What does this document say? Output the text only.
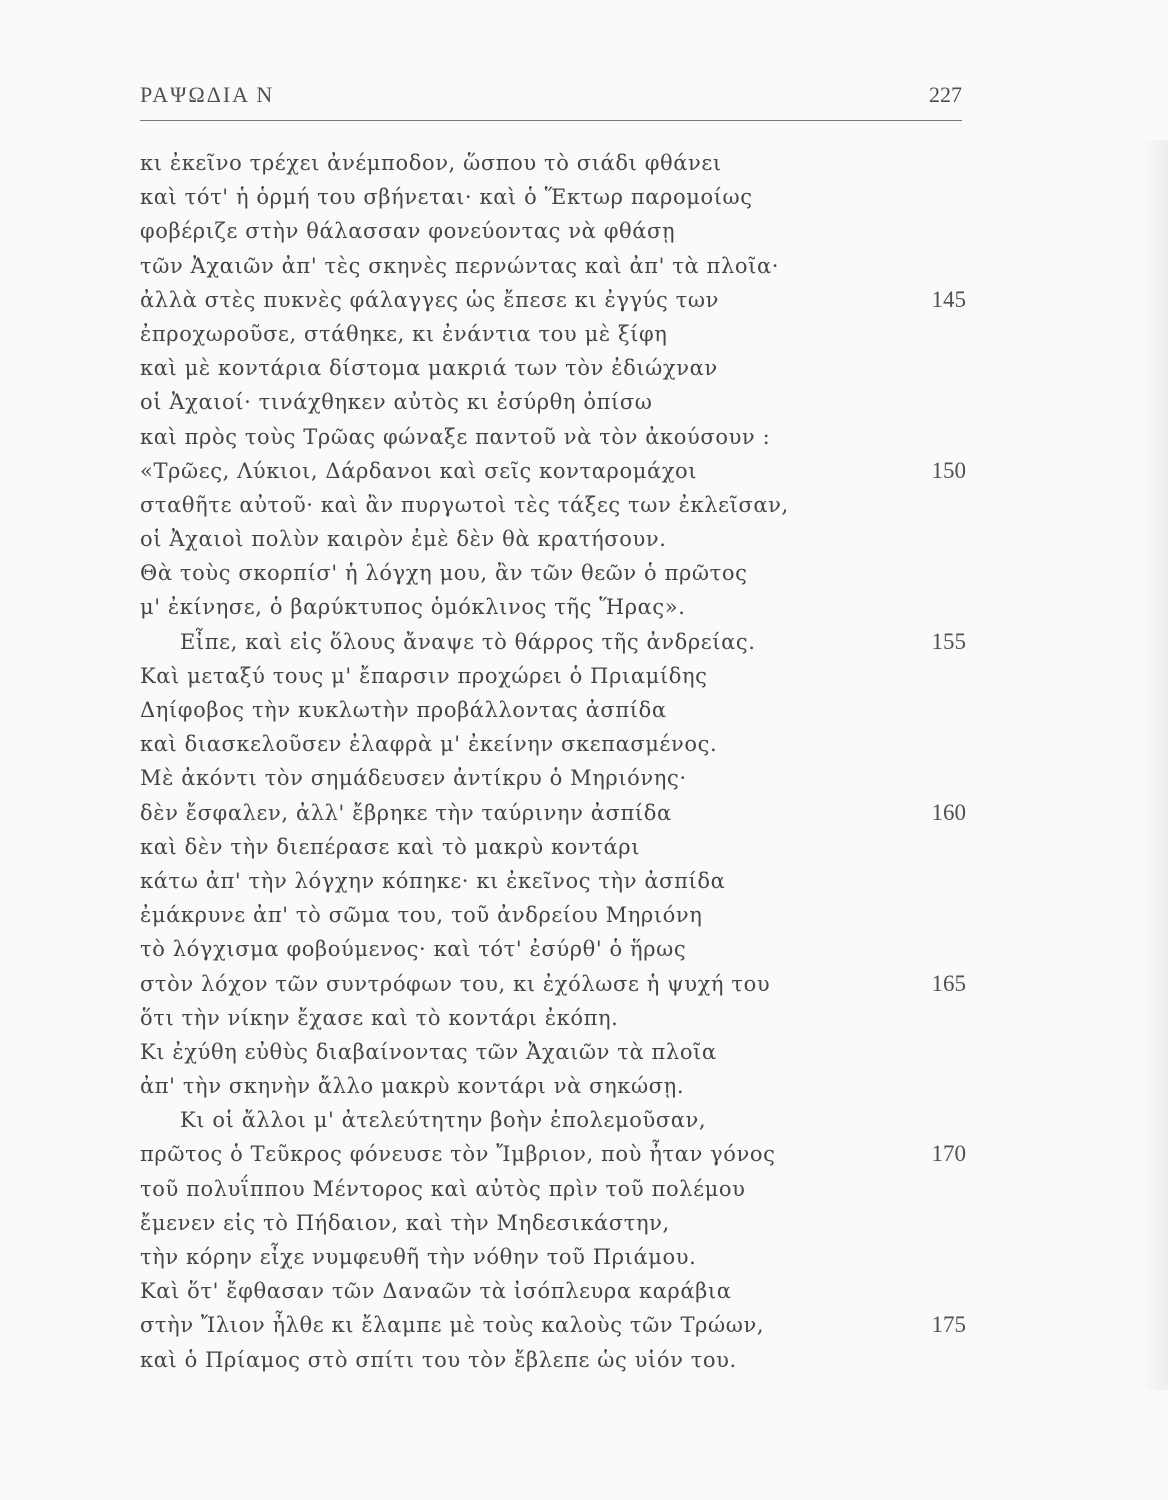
ΡΑΨΩΔΙΑ Ν	227
κι ἐκεῖνο τρέχει ἀνέμποδον, ὥσπου τὸ σιάδι φθάνει
καὶ τότ' ἡ ὁρμή του σβήνεται· καὶ ὁ Ἕκτωρ παρομοίως
φοβέριζε στὴν θάλασσαν φονεύοντας νὰ φθάσῃ
τῶν Ἀχαιῶν ἀπ' τὲς σκηνὲς περνώντας καὶ ἀπ' τὰ πλοῖα·
ἀλλὰ στὲς πυκνὲς φάλαγγες ὡς ἔπεσε κι ἐγγύς των	145
ἐπροχωροῦσε, στάθηκε, κι ἐνάντια του μὲ ξίφη
καὶ μὲ κοντάρια δίστομα μακριά των τὸν ἐδιώχναν
οἱ Ἀχαιοί· τινάχθηκεν αὐτὸς κι ἐσύρθη ὀπίσω
καὶ πρὸς τοὺς Τρῶας φώναξε παντοῦ νὰ τὸν ἀκούσουν :
«Τρῶες, Λύκιοι, Δάρδανοι καὶ σεῖς κονταρομάχοι	150
σταθῆτε αὐτοῦ· καὶ ἂν πυργωτοὶ τὲς τάξες των ἐκλεῖσαν,
οἱ Ἀχαιοὶ πολὺν καιρὸν ἐμὲ δὲν θὰ κρατήσουν.
Θὰ τοὺς σκορπίσ' ἡ λόγχη μου, ἂν τῶν θεῶν ὁ πρῶτος
μ' ἐκίνησε, ὁ βαρύκτυπος ὁμόκλινος τῆς Ἥρας».
Εἶπε, καὶ εἰς ὅλους ἄναψε τὸ θάρρος τῆς ἀνδρείας.	155
Καὶ μεταξύ τους μ' ἔπαρσιν προχώρει ὁ Πριαμίδης
Δηίφοβος τὴν κυκλωτὴν προβάλλοντας ἀσπίδα
καὶ διασκελοῦσεν ἐλαφρὰ μ' ἐκείνην σκεπασμένος.
Μὲ ἀκόντι τὸν σημάδευσεν ἀντίκρυ ὁ Μηριόνης·
δὲν ἔσφαλεν, ἀλλ' ἔβρηκε τὴν ταύρινην ἀσπίδα	160
καὶ δὲν τὴν διεπέρασε καὶ τὸ μακρὺ κοντάρι
κάτω ἀπ' τὴν λόγχην κόπηκε· κι ἐκεῖνος τὴν ἀσπίδα
ἐμάκρυνε ἀπ' τὸ σῶμα του, τοῦ ἀνδρείου Μηριόνη
τὸ λόγχισμα φοβούμενος· καὶ τότ' ἐσύρθ' ὁ ἥρως
στὸν λόχον τῶν συντρόφων του, κι ἐχόλωσε ἡ ψυχή του	165
ὅτι τὴν νίκην ἔχασε καὶ τὸ κοντάρι ἐκόπη.
Κι ἐχύθη εὐθὺς διαβαίνοντας τῶν Ἀχαιῶν τὰ πλοῖα
ἀπ' τὴν σκηνὴν ἄλλο μακρὺ κοντάρι νὰ σηκώσῃ.
Κι οἱ ἄλλοι μ' ἀτελεύτητην βοὴν ἐπολεμοῦσαν,
πρῶτος ὁ Τεῦκρος φόνευσε τὸν Ἴμβριον, ποὺ ἦταν γόνος	170
τοῦ πολυΐππου Μέντορος καὶ αὐτὸς πρὶν τοῦ πολέμου
ἔμενεν εἰς τὸ Πήδαιον, καὶ τὴν Μηδεσικάστην,
τὴν κόρην εἶχε νυμφευθῆ τὴν νόθην τοῦ Πριάμου.
Καὶ ὅτ' ἔφθασαν τῶν Δαναῶν τὰ ἰσόπλευρα καράβια
στὴν Ἴλιον ἦλθε κι ἔλαμπε μὲ τοὺς καλοὺς τῶν Τρώων,	175
καὶ ὁ Πρίαμος στὸ σπίτι του τὸν ἔβλεπε ὡς υἱόν του.
